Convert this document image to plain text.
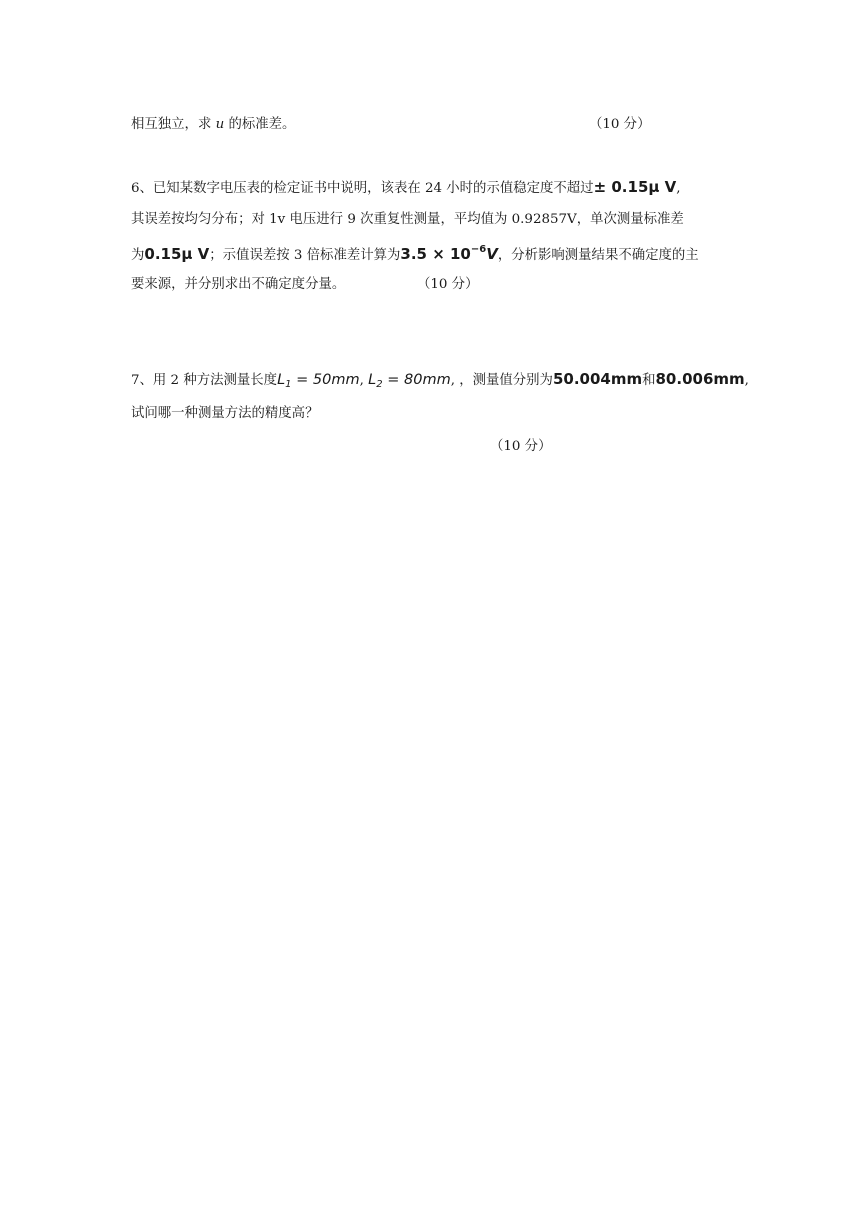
相互独立，求 u 的标准差。	（10 分）
6、已知某数字电压表的检定证书中说明，该表在 24 小时的示值稳定度不超过± 0.15μ V,
其误差按均匀分布；对 1v 电压进行 9 次重复性测量，平均值为 0.92857V，单次测量标准差
为0.15μ V；示值误差按 3 倍标准差计算为$3.5 \times 10^{-6}V$，分析影响测量结果不确定度的主
要来源，并分别求出不确定度分量。	（10 分）
7、用 2 种方法测量长度$L_1 = 50mm$, $L_2 = 80mm$, ，测量值分别为50.004mm和80.006mm,
试问哪一种测量方法的精度高？
（10 分）
